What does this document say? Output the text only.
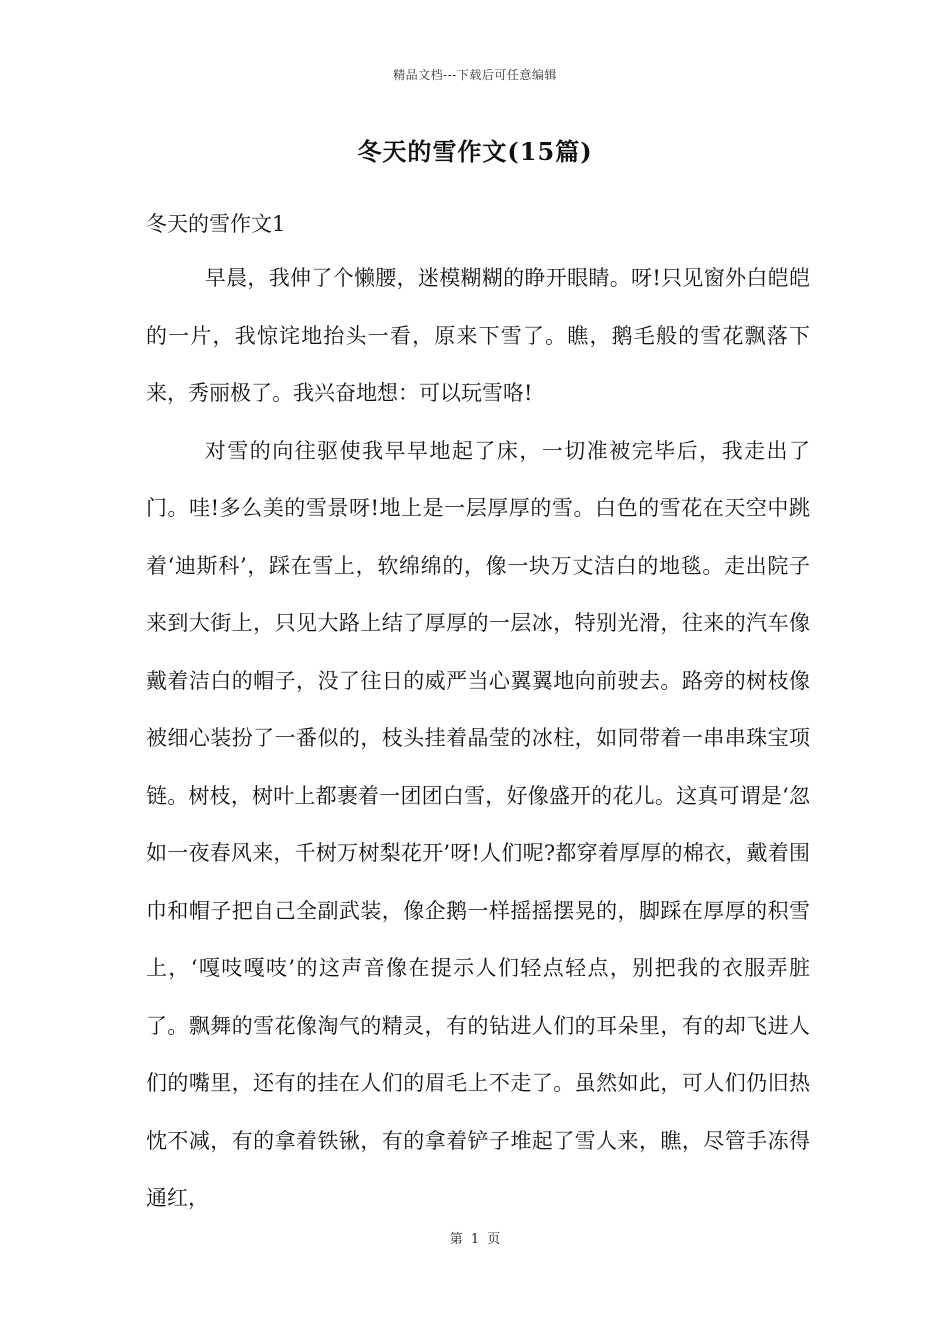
精品文档---下载后可任意编辑
冬天的雪作文(15篇)
冬天的雪作文1

早晨，我伸了个懒腰，迷模糊糊的睁开眼睛。呀!只见窗外白皑皑的一片，我惊诧地抬头一看，原来下雪了。瞧，鹅毛般的雪花飘落下来，秀丽极了。我兴奋地想：可以玩雪咯!

对雪的向往驱使我早早地起了床，一切准被完毕后，我走出了门。哇!多么美的雪景呀!地上是一层厚厚的雪。白色的雪花在天空中跳着‘迪斯科’，踩在雪上，软绵绵的，像一块万丈洁白的地毯。走出院子来到大街上，只见大路上结了厚厚的一层冰，特别光滑，往来的汽车像戴着洁白的帽子，没了往日的威严当心翼翼地向前驶去。路旁的树枝像被细心装扮了一番似的，枝头挂着晶莹的冰柱，如同带着一串串珠宝项链。树枝，树叶上都裹着一团团白雪，好像盛开的花儿。这真可谓是‘忽如一夜春风来，千树万树梨花开’呀!人们呢?都穿着厚厚的棉衣，戴着围巾和帽子把自己全副武装，像企鹅一样摇摇摆晃的，脚踩在厚厚的积雪上，‘嘎吱嘎吱’的这声音像在提示人们轻点轻点，别把我的衣服弄脏了。飘舞的雪花像淘气的精灵，有的钻进人们的耳朵里，有的却飞进人们的嘴里，还有的挂在人们的眉毛上不走了。虽然如此，可人们仍旧热忱不减，有的拿着铁锹，有的拿着铲子堆起了雪人来，瞧，尽管手冻得通红，

第 1 页
